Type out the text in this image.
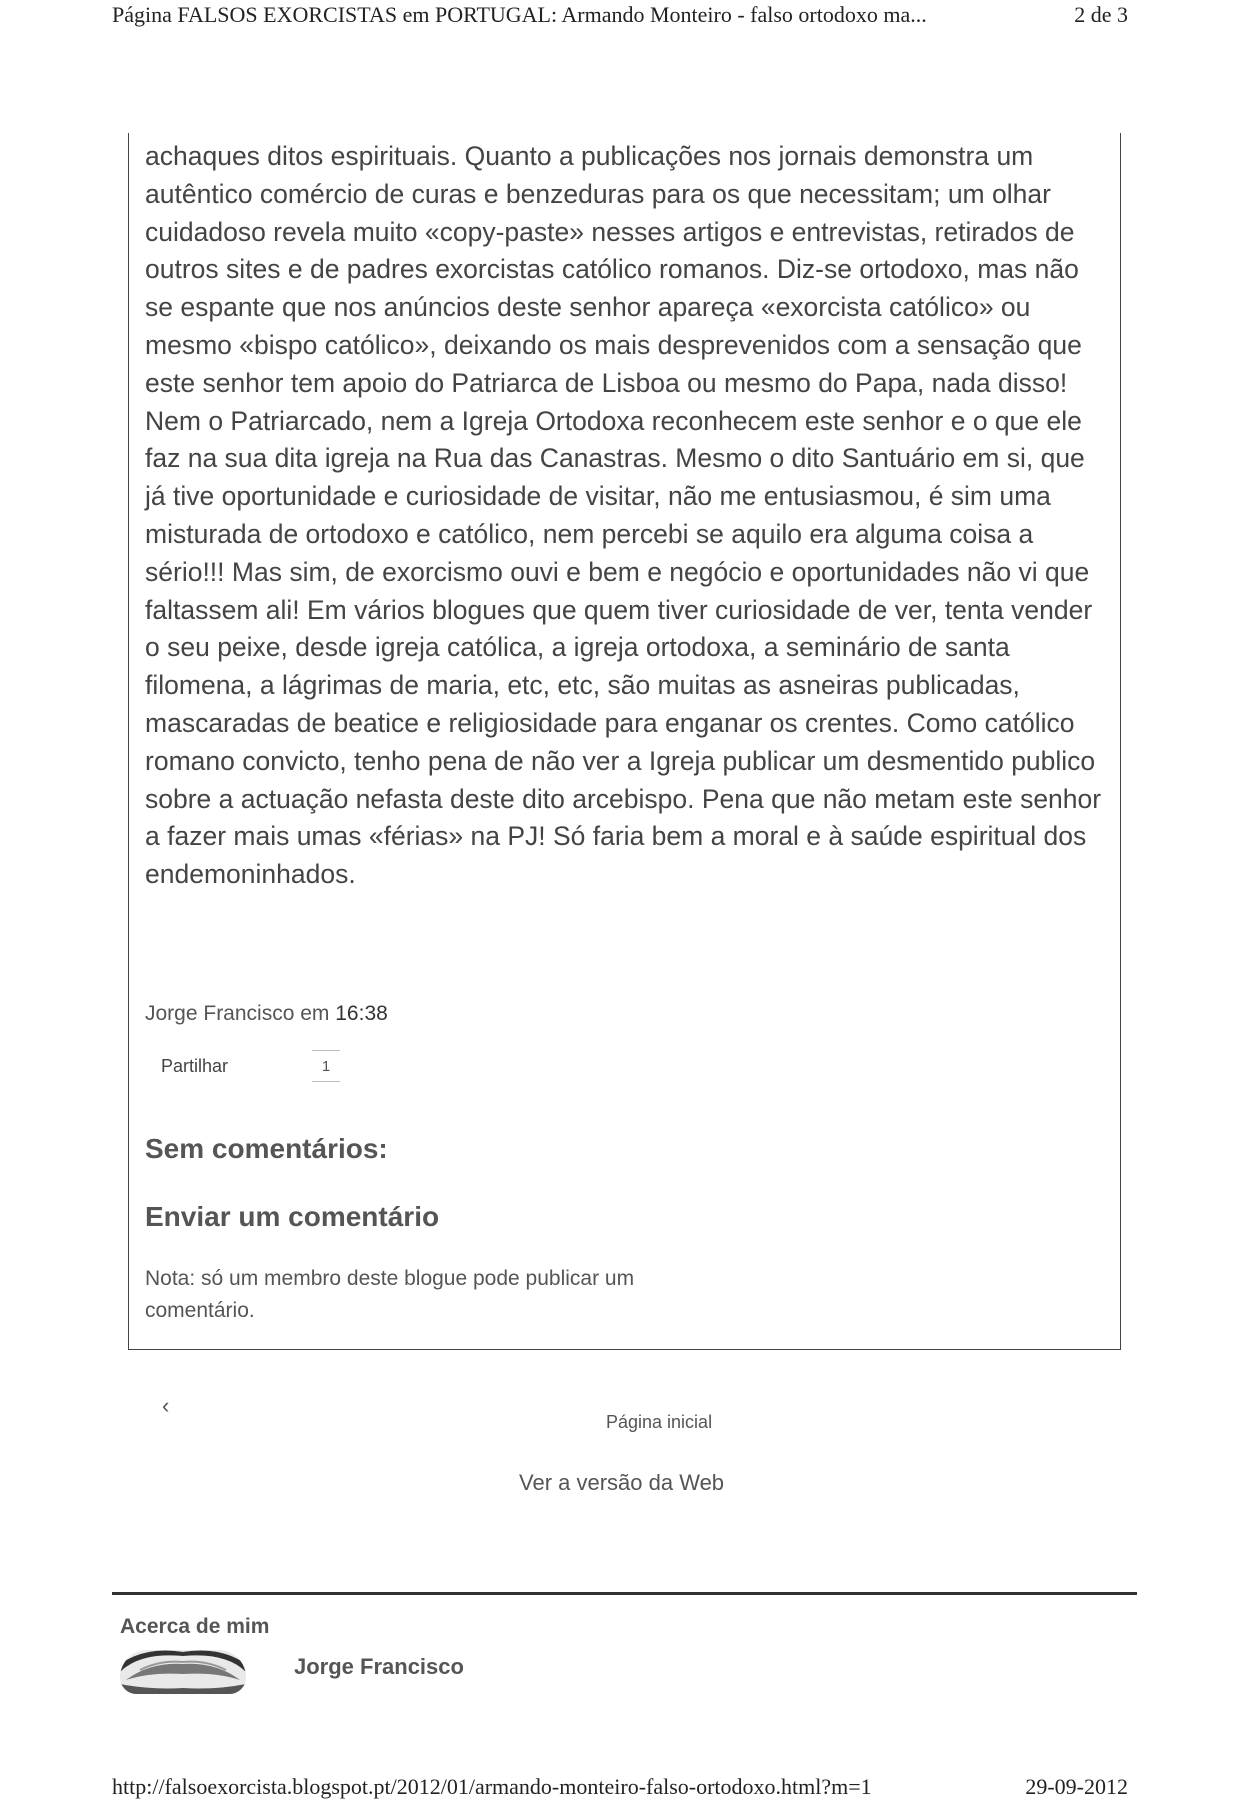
Página FALSOS EXORCISTAS em PORTUGAL: Armando Monteiro - falso ortodoxo ma...	2 de 3

achaques ditos espirituais. Quanto a publicações nos jornais demonstra um autêntico comércio de curas e benzeduras para os que necessitam; um olhar cuidadoso revela muito «copy-paste» nesses artigos e entrevistas, retirados de outros sites e de padres exorcistas católico romanos. Diz-se ortodoxo, mas não se espante que nos anúncios deste senhor apareça «exorcista católico» ou mesmo «bispo católico», deixando os mais desprevenidos com a sensação que este senhor tem apoio do Patriarca de Lisboa ou mesmo do Papa, nada disso! Nem o Patriarcado, nem a Igreja Ortodoxa reconhecem este senhor e o que ele faz na sua dita igreja na Rua das Canastras. Mesmo o dito Santuário em si, que já tive oportunidade e curiosidade de visitar, não me entusiasmou, é sim uma misturada de ortodoxo e católico, nem percebi se aquilo era alguma coisa a sério!!! Mas sim, de exorcismo ouvi e bem e negócio e oportunidades não vi que faltassem ali! Em vários blogues que quem tiver curiosidade de ver, tenta vender o seu peixe, desde igreja católica, a igreja ortodoxa, a seminário de santa filomena, a lágrimas de maria, etc, etc, são muitas as asneiras publicadas, mascaradas de beatice e religiosidade para enganar os crentes. Como católico romano convicto, tenho pena de não ver a Igreja publicar um desmentido publico sobre a actuação nefasta deste dito arcebispo. Pena que não metam este senhor a fazer mais umas «férias» na PJ! Só faria bem a moral e à saúde espiritual dos endemoninhados.

Jorge Francisco em 16:38
Partilhar	1
Sem comentários:
Enviar um comentário
Nota: só um membro deste blogue pode publicar um comentário.
‹
Página inicial
Ver a versão da Web
Acerca de mim
Jorge Francisco
http://falsoexorcista.blogspot.pt/2012/01/armando-monteiro-falso-ortodoxo.html?m=1	29-09-2012
